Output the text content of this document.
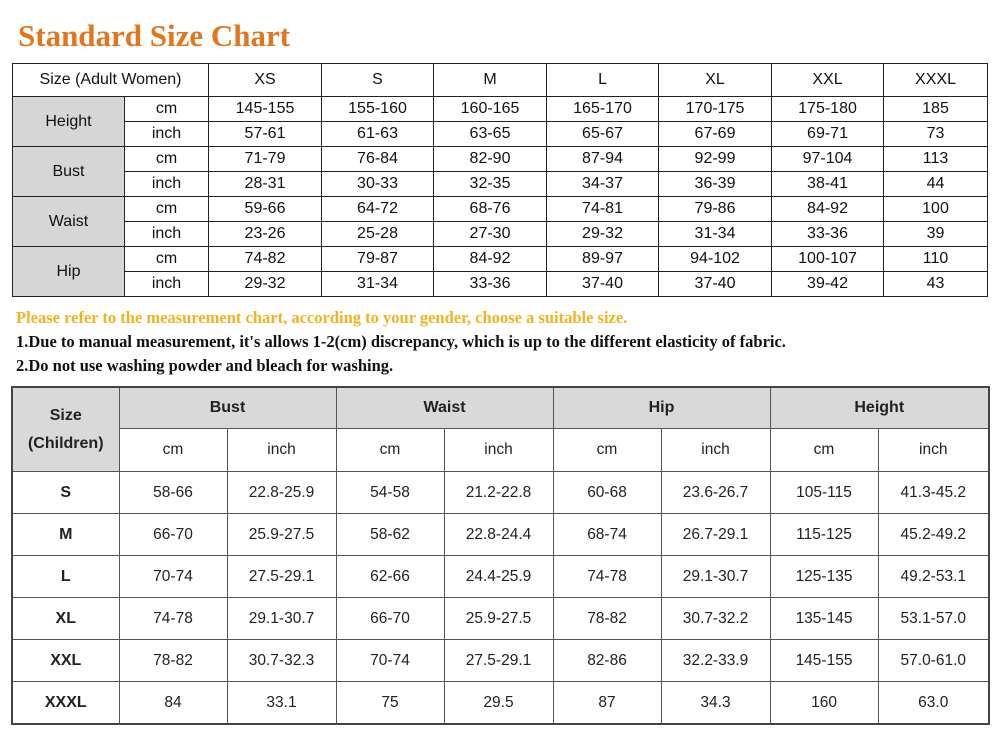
Standard Size Chart
Size (Adult Women)		XS	S	M	L	XL	XXL	XXXL
Height	cm	145-155	155-160	160-165	165-170	170-175	175-180	185
	inch	57-61	61-63	63-65	65-67	67-69	69-71	73
Bust	cm	71-79	76-84	82-90	87-94	92-99	97-104	113
	inch	28-31	30-33	32-35	34-37	36-39	38-41	44
Waist	cm	59-66	64-72	68-76	74-81	79-86	84-92	100
	inch	23-26	25-28	27-30	29-32	31-34	33-36	39
Hip	cm	74-82	79-87	84-92	89-97	94-102	100-107	110
	inch	29-32	31-34	33-36	37-40	37-40	39-42	43

Please refer to the measurement chart, according to your gender, choose a suitable size.

1.Due to manual measurement, it's allows 1-2(cm) discrepancy, which is up to the different elasticity of fabric.

2.Do not use washing powder and bleach for washing.

Size
(Children)	Bust		Waist		Hip		Height	
	cm	inch	cm	inch	cm	inch	cm	inch
S	58-66	22.8-25.9	54-58	21.2-22.8	60-68	23.6-26.7	105-115	41.3-45.2
M	66-70	25.9-27.5	58-62	22.8-24.4	68-74	26.7-29.1	115-125	45.2-49.2
L	70-74	27.5-29.1	62-66	24.4-25.9	74-78	29.1-30.7	125-135	49.2-53.1
XL	74-78	29.1-30.7	66-70	25.9-27.5	78-82	30.7-32.2	135-145	53.1-57.0
XXL	78-82	30.7-32.3	70-74	27.5-29.1	82-86	32.2-33.9	145-155	57.0-61.0
XXXL	84	33.1	75	29.5	87	34.3	160	63.0
